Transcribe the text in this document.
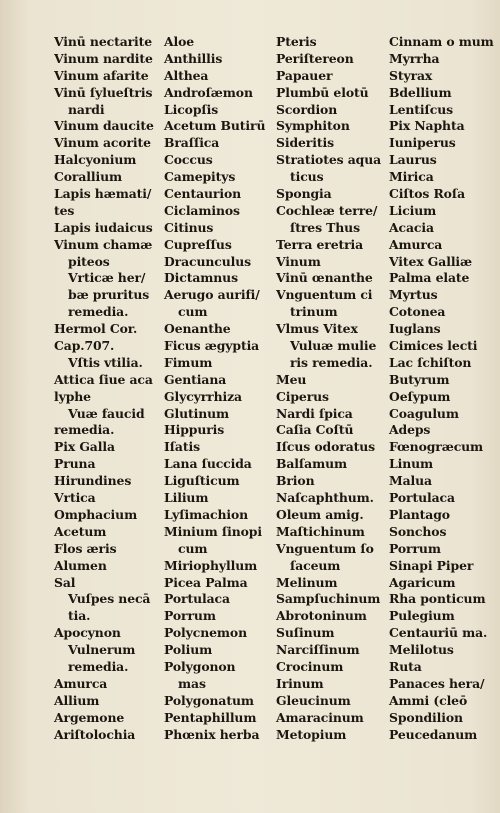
Vinū nectarite
Vinum nardite
Vinum afarite
Vinū ſylueſtris
nardi
Vinum daucite
Vinum acorite
Halcyonium
Corallium
Lapis hæmati/
tes
Lapis iudaicus
Vinum chamæ
piteos
Vrticæ her/
bæ pruritus
remedia.
Hermol Cor.
Cap.707.
Vſtis vtilia.
Attica ſiue aca
lyphe
Vuæ faucid
remedia.
Pix Galla
Pruna
Hirundines
Vrtica
Omphacium
Acetum
Flos æris
Alumen
Sal
Vuſpes necā
tia.
Apocynon
Vulnerum
remedia.
Amurca
Allium
Argemone
Ariſtolochia
Aloe
Anthillis
Althea
Androſæmon
Licopſis
Acetum Butirū
Braſſica
Coccus
Camepitys
Centaurion
Ciclaminos
Citinus
Cupreſſus
Dracunculus
Dictamnus
Aerugo aurifi/
cum
Oenanthe
Ficus ægyptia
Fimum
Gentiana
Glycyrrhiza
Glutinum
Hippuris
Iſatis
Lana ſuccida
Liguſticum
Lilium
Lyſimachion
Minium ſinopi
cum
Miriophyllum
Picea Palma
Portulaca
Porrum
Polycnemon
Polium
Polygonon
mas
Polygonatum
Pentaphillum
Phœnix herba
Pteris
Periſtereon
Papauer
Plumbū elotū
Scordion
Symphiton
Sideritis
Stratiotes aqua
ticus
Spongia
Cochleæ terre/
ſtres Thus
Terra eretria
Vinum
Vinū œnanthe
Vnguentum ci
trinum
Vlmus Vitex
Vuluæ mulie
ris remedia.
Meu
Ciperus
Nardi ſpica
Caſia Coſtū
Iſcus odoratus
Balſamum
Brion
Naſcaphthum.
Oleum amig.
Maſtichinum
Vnguentum ſo
ſaceum
Melinum
Sampſuchinum
Abrotoninum
Suſinum
Narciſſinum
Crocinum
Irinum
Gleucinum
Amaracinum
Metopium
Cinnam o mum
Myrrha
Styrax
Bdellium
Lentiſcus
Pix Naphta
Iuniperus
Laurus
Mirica
Ciſtos Roſa
Licium
Acacia
Amurca
Vitex Galliæ
Palma elate
Myrtus
Cotonea
Iuglans
Cimices lecti
Lac ſchiſton
Butyrum
Oeſypum
Coagulum
Adeps
Fœnogræcum
Linum
Malua
Portulaca
Plantago
Sonchos
Porrum
Sinapi Piper
Agaricum
Rha ponticum
Pulegium
Centauriū ma.
Melilotus
Ruta
Panaces hera/
Ammi (cleō
Spondilion
Peucedanum
